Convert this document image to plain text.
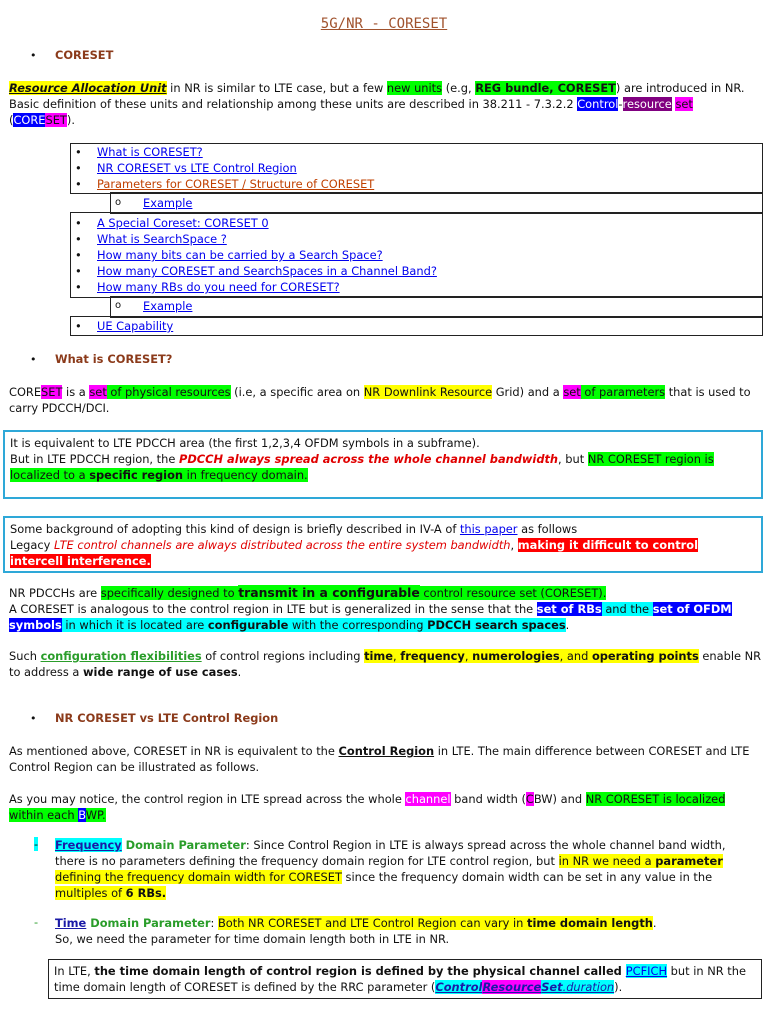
5G/NR - CORESET
• CORESET

Resource Allocation Unit in NR is similar to LTE case, but a few new units (e.g, REG bundle, CORESET) are introduced in NR.

Basic definition of these units and relationship among these units are described in 38.211 - 7.3.2.2 Control-resource set

(CORESET).

• What is CORESET?
• NR CORESET vs LTE Control Region
• Parameters for CORESET / Structure of CORESET
o Example
• A Special Coreset: CORESET 0
• What is SearchSpace ?
• How many bits can be carried by a Search Space?
• How many CORESET and SearchSpaces in a Channel Band?
• How many RBs do you need for CORESET?
o Example
• UE Capability
• What is CORESET?

CORESET is a set of physical resources (i.e, a specific area on NR Downlink Resource Grid) and a set of parameters that is used to

carry PDCCH/DCI.

It is equivalent to LTE PDCCH area (the first 1,2,3,4 OFDM symbols in a subframe).

But in LTE PDCCH region, the PDCCH always spread across the whole channel bandwidth, but NR CORESET region is

localized to a specific region in frequency domain.

Some background of adopting this kind of design is briefly described in IV-A of this paper as follows

Legacy LTE control channels are always distributed across the entire system bandwidth, making it difficult to control

intercell interference.

NR PDCCHs are specifically designed to transmit in a configurable control resource set (CORESET).

A CORESET is analogous to the control region in LTE but is generalized in the sense that the set of RBs and the set of OFDM

symbols in which it is located are configurable with the corresponding PDCCH search spaces.

Such configuration flexibilities of control regions including time, frequency, numerologies, and operating points enable NR

to address a wide range of use cases.

• NR CORESET vs LTE Control Region

As mentioned above, CORESET in NR is equivalent to the Control Region in LTE. The main difference between CORESET and LTE

Control Region can be illustrated as follows.

As you may notice, the control region in LTE spread across the whole channel band width (CBW) and NR CORESET is localized

within each BWP.

- Frequency Domain Parameter: Since Control Region in LTE is always spread across the whole channel band width,

there is no parameters defining the frequency domain region for LTE control region, but in NR we need a parameter

defining the frequency domain width for CORESET since the frequency domain width can be set in any value in the

multiples of 6 RBs.

- Time Domain Parameter: Both NR CORESET and LTE Control Region can vary in time domain length.

So, we need the parameter for time domain length both in LTE in NR.

In LTE, the time domain length of control region is defined by the physical channel called PCFICH but in NR the

time domain length of CORESET is defined by the RRC parameter (ControlResourceSet.duration).
